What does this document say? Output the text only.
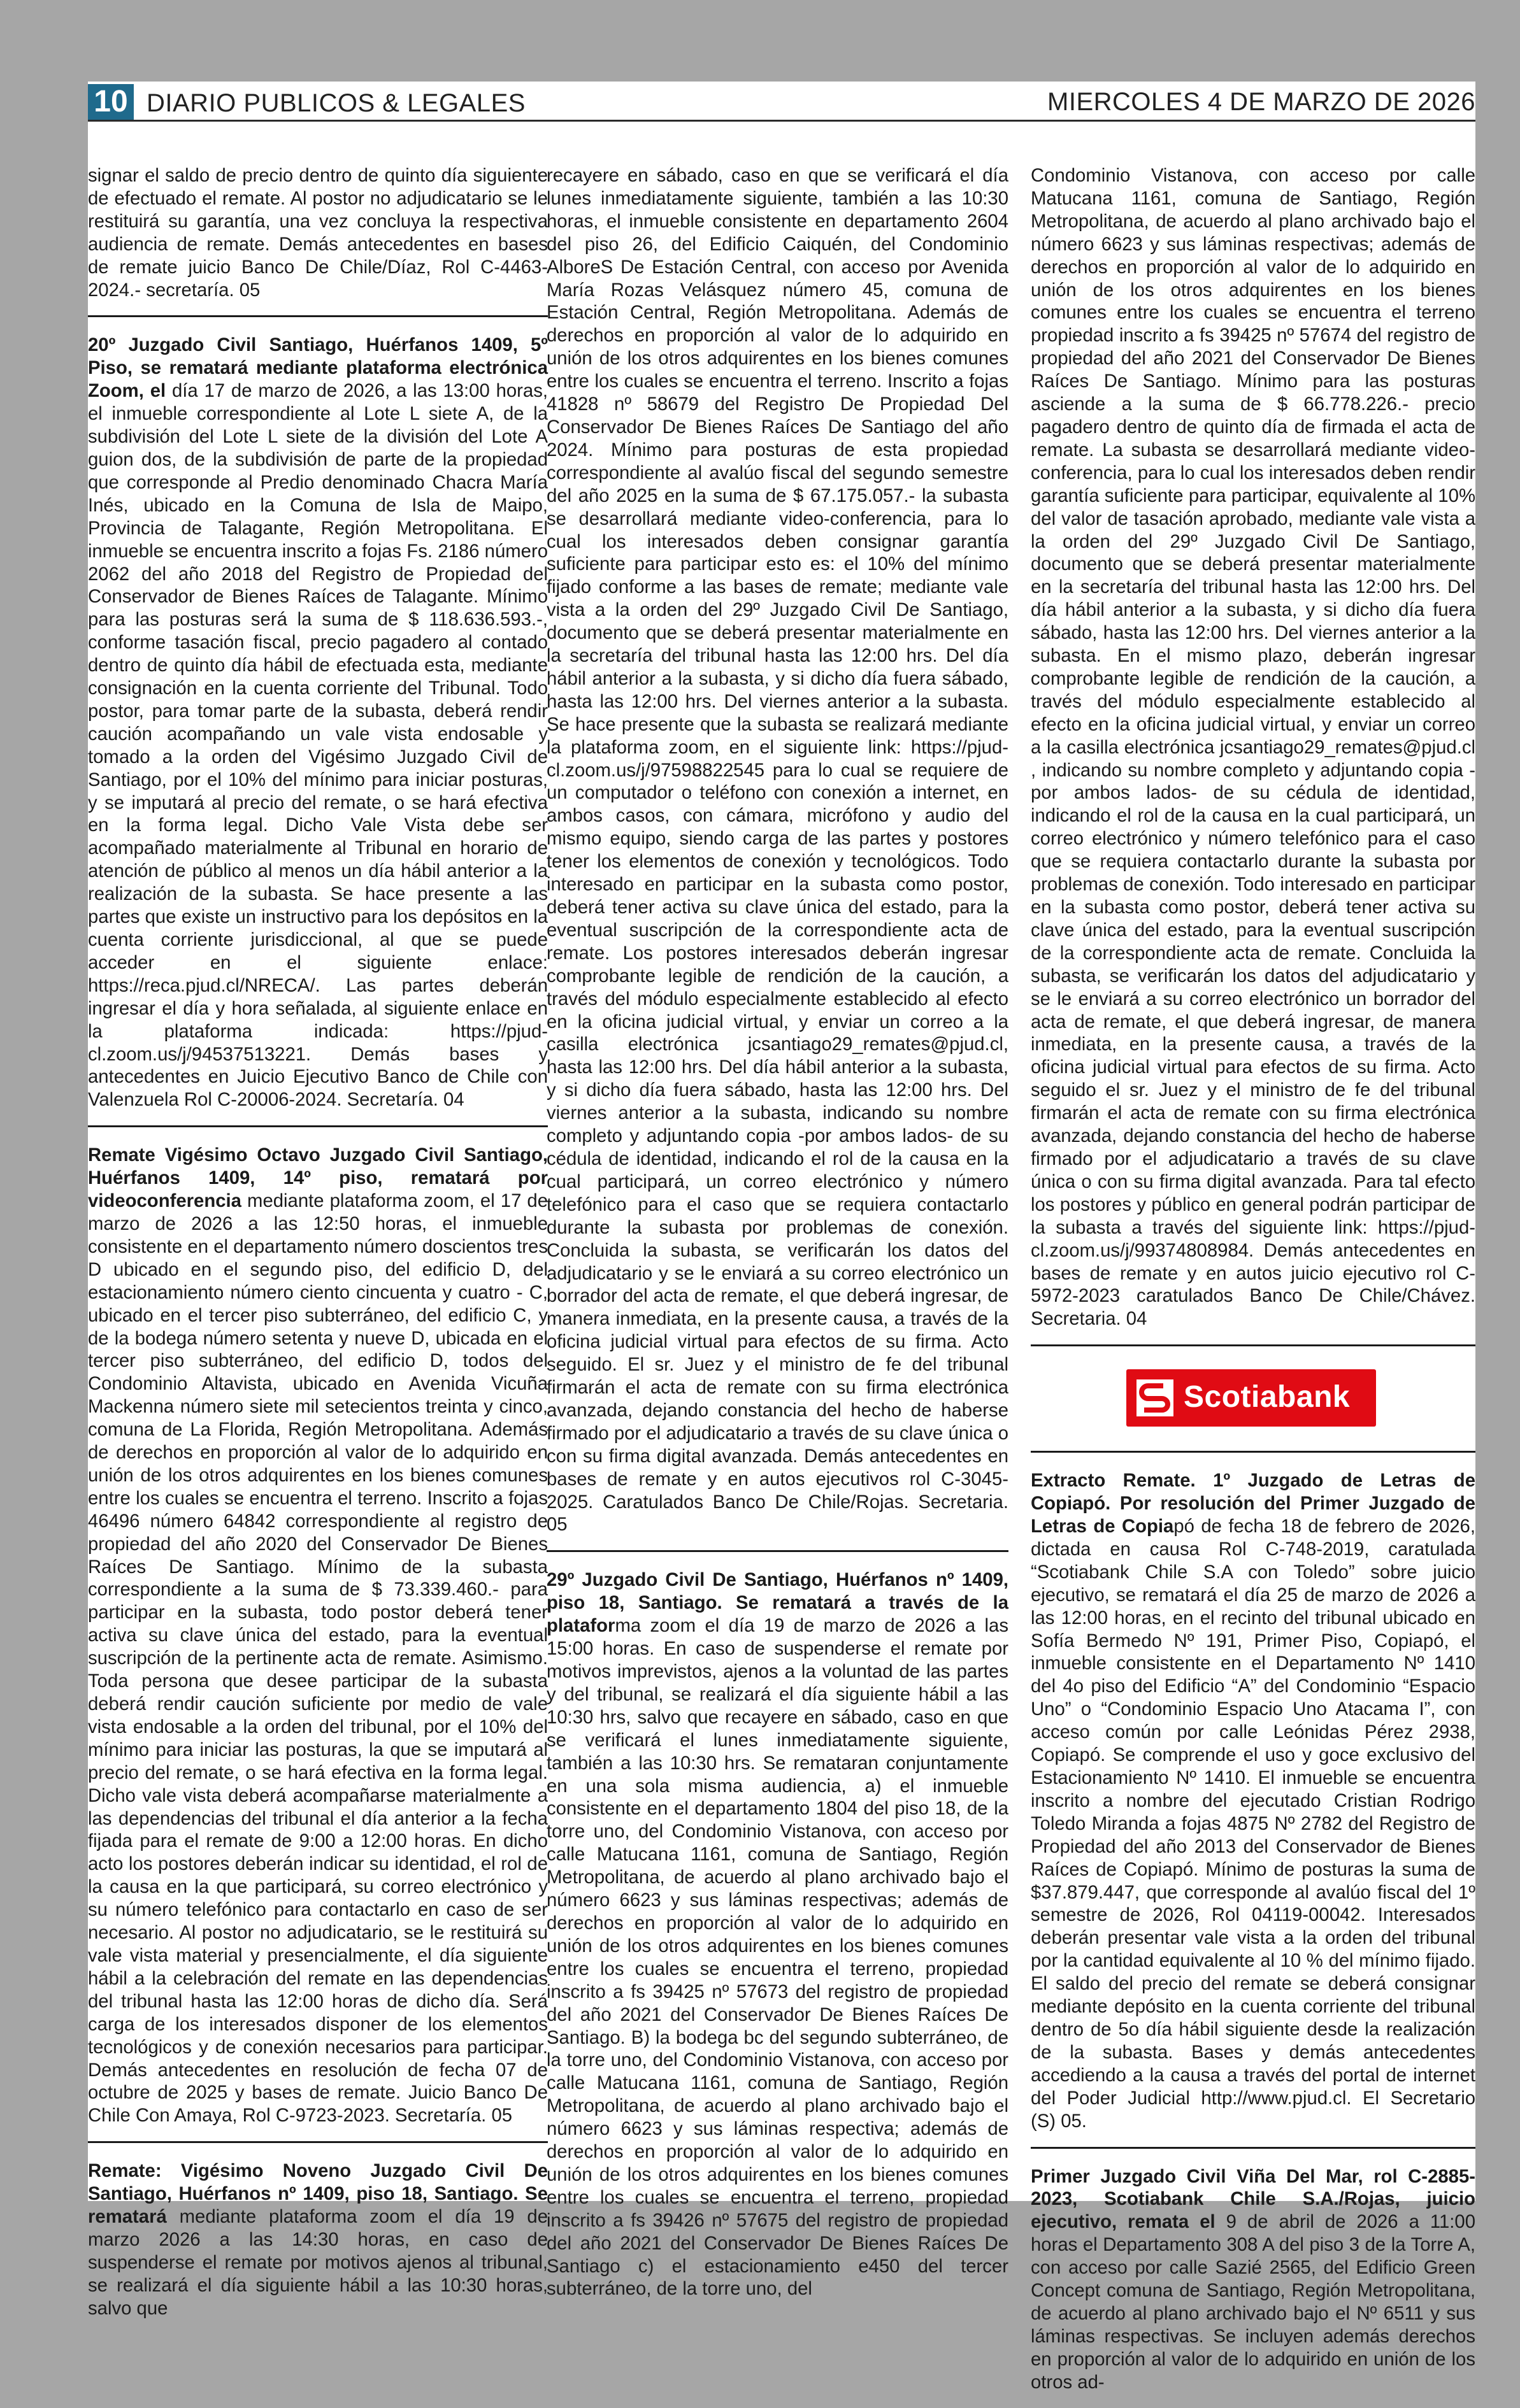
10 DIARIO PUBLICOS & LEGALES	MIERCOLES 4 DE MARZO DE 2026

signar el saldo de precio dentro de quinto día siguiente de efectuado el remate. Al postor no adjudicatario se le restituirá su garantía, una vez concluya la respectiva audiencia de remate. Demás antecedentes en bases de remate juicio Banco De Chile/Díaz, Rol C-4463-2024.- secretaría. 05

20º Juzgado Civil Santiago, Huérfanos 1409, 5º Piso, se rematará mediante plataforma electrónica Zoom, el día 17 de marzo de 2026, a las 13:00 horas, el inmueble correspondiente al Lote L siete A, de la subdivisión del Lote L siete de la división del Lote A guion dos, de la subdivisión de parte de la propiedad que corresponde al Predio denominado Chacra María Inés, ubicado en la Comuna de Isla de Maipo, Provincia de Talagante, Región Metropolitana. El inmueble se encuentra inscrito a fojas Fs. 2186 número 2062 del año 2018 del Registro de Propiedad del Conservador de Bienes Raíces de Talagante. Mínimo para las posturas será la suma de $ 118.636.593.-, conforme tasación fiscal, precio pagadero al contado dentro de quinto día hábil de efectuada esta, mediante consignación en la cuenta corriente del Tribunal. Todo postor, para tomar parte de la subasta, deberá rendir caución acompañando un vale vista endosable y tomado a la orden del Vigésimo Juzgado Civil de Santiago, por el 10% del mínimo para iniciar posturas, y se imputará al precio del remate, o se hará efectiva en la forma legal. Dicho Vale Vista debe ser acompañado materialmente al Tribunal en horario de atención de público al menos un día hábil anterior a la realización de la subasta. Se hace presente a las partes que existe un instructivo para los depósitos en la cuenta corriente jurisdiccional, al que se puede acceder en el siguiente enlace: https://reca.pjud.cl/NRECA/. Las partes deberán ingresar el día y hora señalada, al siguiente enlace en la plataforma indicada: https://pjud-cl.zoom.us/j/94537513221. Demás bases y antecedentes en Juicio Ejecutivo Banco de Chile con Valenzuela Rol C-20006-2024. Secretaría. 04

Remate Vigésimo Octavo Juzgado Civil Santiago, Huérfanos 1409, 14º piso, rematará por videoconferencia mediante plataforma zoom, el 17 de marzo de 2026 a las 12:50 horas, el inmueble consistente en el departamento número doscientos tres D ubicado en el segundo piso, del edificio D, del estacionamiento número ciento cincuenta y cuatro - C, ubicado en el tercer piso subterráneo, del edificio C, y de la bodega número setenta y nueve D, ubicada en el tercer piso subterráneo, del edificio D, todos del Condominio Altavista, ubicado en Avenida Vicuña Mackenna número siete mil setecientos treinta y cinco, comuna de La Florida, Región Metropolitana. Además de derechos en proporción al valor de lo adquirido en unión de los otros adquirentes en los bienes comunes entre los cuales se encuentra el terreno. Inscrito a fojas 46496 número 64842 correspondiente al registro de propiedad del año 2020 del Conservador De Bienes Raíces De Santiago. Mínimo de la subasta correspondiente a la suma de $ 73.339.460.- para participar en la subasta, todo postor deberá tener activa su clave única del estado, para la eventual suscripción de la pertinente acta de remate. Asimismo. Toda persona que desee participar de la subasta deberá rendir caución suficiente por medio de vale vista endosable a la orden del tribunal, por el 10% del mínimo para iniciar las posturas, la que se imputará al precio del remate, o se hará efectiva en la forma legal. Dicho vale vista deberá acompañarse materialmente a las dependencias del tribunal el día anterior a la fecha fijada para el remate de 9:00 a 12:00 horas. En dicho acto los postores deberán indicar su identidad, el rol de la causa en la que participará, su correo electrónico y su número telefónico para contactarlo en caso de ser necesario. Al postor no adjudicatario, se le restituirá su vale vista material y presencialmente, el día siguiente hábil a la celebración del remate en las dependencias del tribunal hasta las 12:00 horas de dicho día. Será carga de los interesados disponer de los elementos tecnológicos y de conexión necesarios para participar. Demás antecedentes en resolución de fecha 07 de octubre de 2025 y bases de remate. Juicio Banco De Chile Con Amaya, Rol C-9723-2023. Secretaría. 05

Remate: Vigésimo Noveno Juzgado Civil De Santiago, Huérfanos nº 1409, piso 18, Santiago. Se rematará mediante plataforma zoom el día 19 de marzo 2026 a las 14:30 horas, en caso de suspenderse el remate por motivos ajenos al tribunal, se realizará el día siguiente hábil a las 10:30 horas, salvo que

recayere en sábado, caso en que se verificará el día lunes inmediatamente siguiente, también a las 10:30 horas, el inmueble consistente en departamento 2604 del piso 26, del Edificio Caiquén, del Condominio AlboreS De Estación Central, con acceso por Avenida María Rozas Velásquez número 45, comuna de Estación Central, Región Metropolitana. Además de derechos en proporción al valor de lo adquirido en unión de los otros adquirentes en los bienes comunes entre los cuales se encuentra el terreno. Inscrito a fojas 41828 nº 58679 del Registro De Propiedad Del Conservador De Bienes Raíces De Santiago del año 2024. Mínimo para posturas de esta propiedad correspondiente al avalúo fiscal del segundo semestre del año 2025 en la suma de $ 67.175.057.- la subasta se desarrollará mediante video-conferencia, para lo cual los interesados deben consignar garantía suficiente para participar esto es: el 10% del mínimo fijado conforme a las bases de remate; mediante vale vista a la orden del 29º Juzgado Civil De Santiago, documento que se deberá presentar materialmente en la secretaría del tribunal hasta las 12:00 hrs. Del día hábil anterior a la subasta, y si dicho día fuera sábado, hasta las 12:00 hrs. Del viernes anterior a la subasta. Se hace presente que la subasta se realizará mediante la plataforma zoom, en el siguiente link: https://pjud-cl.zoom.us/j/97598822545 para lo cual se requiere de un computador o teléfono con conexión a internet, en ambos casos, con cámara, micrófono y audio del mismo equipo, siendo carga de las partes y postores tener los elementos de conexión y tecnológicos. Todo interesado en participar en la subasta como postor, deberá tener activa su clave única del estado, para la eventual suscripción de la correspondiente acta de remate. Los postores interesados deberán ingresar comprobante legible de rendición de la caución, a través del módulo especialmente establecido al efecto en la oficina judicial virtual, y enviar un correo a la casilla electrónica jcsantiago29_remates@pjud.cl, hasta las 12:00 hrs. Del día hábil anterior a la subasta, y si dicho día fuera sábado, hasta las 12:00 hrs. Del viernes anterior a la subasta, indicando su nombre completo y adjuntando copia -por ambos lados- de su cédula de identidad, indicando el rol de la causa en la cual participará, un correo electrónico y número telefónico para el caso que se requiera contactarlo durante la subasta por problemas de conexión. Concluida la subasta, se verificarán los datos del adjudicatario y se le enviará a su correo electrónico un borrador del acta de remate, el que deberá ingresar, de manera inmediata, en la presente causa, a través de la oficina judicial virtual para efectos de su firma. Acto seguido. El sr. Juez y el ministro de fe del tribunal firmarán el acta de remate con su firma electrónica avanzada, dejando constancia del hecho de haberse firmado por el adjudicatario a través de su clave única o con su firma digital avanzada. Demás antecedentes en bases de remate y en autos ejecutivos rol C-3045-2025. Caratulados Banco De Chile/Rojas. Secretaria. 05

29º Juzgado Civil De Santiago, Huérfanos nº 1409, piso 18, Santiago. Se rematará a través de la plataforma zoom el día 19 de marzo de 2026 a las 15:00 horas. En caso de suspenderse el remate por motivos imprevistos, ajenos a la voluntad de las partes y del tribunal, se realizará el día siguiente hábil a las 10:30 hrs, salvo que recayere en sábado, caso en que se verificará el lunes inmediatamente siguiente, también a las 10:30 hrs. Se remataran conjuntamente en una sola misma audiencia, a) el inmueble consistente en el departamento 1804 del piso 18, de la torre uno, del Condominio Vistanova, con acceso por calle Matucana 1161, comuna de Santiago, Región Metropolitana, de acuerdo al plano archivado bajo el número 6623 y sus láminas respectivas; además de derechos en proporción al valor de lo adquirido en unión de los otros adquirentes en los bienes comunes entre los cuales se encuentra el terreno, propiedad inscrito a fs 39425 nº 57673 del registro de propiedad del año 2021 del Conservador De Bienes Raíces De Santiago. B) la bodega bc del segundo subterráneo, de la torre uno, del Condominio Vistanova, con acceso por calle Matucana 1161, comuna de Santiago, Región Metropolitana, de acuerdo al plano archivado bajo el número 6623 y sus láminas respectiva; además de derechos en proporción al valor de lo adquirido en unión de los otros adquirentes en los bienes comunes entre los cuales se encuentra el terreno, propiedad inscrito a fs 39426 nº 57675 del registro de propiedad del año 2021 del Conservador De Bienes Raíces De Santiago c) el estacionamiento e450 del tercer subterráneo, de la torre uno, del

Condominio Vistanova, con acceso por calle Matucana 1161, comuna de Santiago, Región Metropolitana, de acuerdo al plano archivado bajo el número 6623 y sus láminas respectivas; además de derechos en proporción al valor de lo adquirido en unión de los otros adquirentes en los bienes comunes entre los cuales se encuentra el terreno propiedad inscrito a fs 39425 nº 57674 del registro de propiedad del año 2021 del Conservador De Bienes Raíces De Santiago. Mínimo para las posturas asciende a la suma de $ 66.778.226.- precio pagadero dentro de quinto día de firmada el acta de remate. La subasta se desarrollará mediante video-conferencia, para lo cual los interesados deben rendir garantía suficiente para participar, equivalente al 10% del valor de tasación aprobado, mediante vale vista a la orden del 29º Juzgado Civil De Santiago, documento que se deberá presentar materialmente en la secretaría del tribunal hasta las 12:00 hrs. Del día hábil anterior a la subasta, y si dicho día fuera sábado, hasta las 12:00 hrs. Del viernes anterior a la subasta. En el mismo plazo, deberán ingresar comprobante legible de rendición de la caución, a través del módulo especialmente establecido al efecto en la oficina judicial virtual, y enviar un correo a la casilla electrónica jcsantiago29_remates@pjud.cl , indicando su nombre completo y adjuntando copia -por ambos lados- de su cédula de identidad, indicando el rol de la causa en la cual participará, un correo electrónico y número telefónico para el caso que se requiera contactarlo durante la subasta por problemas de conexión. Todo interesado en participar en la subasta como postor, deberá tener activa su clave única del estado, para la eventual suscripción de la correspondiente acta de remate. Concluida la subasta, se verificarán los datos del adjudicatario y se le enviará a su correo electrónico un borrador del acta de remate, el que deberá ingresar, de manera inmediata, en la presente causa, a través de la oficina judicial virtual para efectos de su firma. Acto seguido el sr. Juez y el ministro de fe del tribunal firmarán el acta de remate con su firma electrónica avanzada, dejando constancia del hecho de haberse firmado por el adjudicatario a través de su clave única o con su firma digital avanzada. Para tal efecto los postores y público en general podrán participar de la subasta a través del siguiente link: https://pjud-cl.zoom.us/j/99374808984. Demás antecedentes en bases de remate y en autos juicio ejecutivo rol C-5972-2023 caratulados Banco De Chile/Chávez. Secretaria. 04

Scotiabank

Extracto Remate. 1º Juzgado de Letras de Copiapó. Por resolución del Primer Juzgado de Letras de Copiapó de fecha 18 de febrero de 2026, dictada en causa Rol C-748-2019, caratulada “Scotiabank Chile S.A con Toledo” sobre juicio ejecutivo, se rematará el día 25 de marzo de 2026 a las 12:00 horas, en el recinto del tribunal ubicado en Sofía Bermedo Nº 191, Primer Piso, Copiapó, el inmueble consistente en el Departamento Nº 1410 del 4o piso del Edificio “A” del Condominio “Espacio Uno” o “Condominio Espacio Uno Atacama I”, con acceso común por calle Leónidas Pérez 2938, Copiapó. Se comprende el uso y goce exclusivo del Estacionamiento Nº 1410. El inmueble se encuentra inscrito a nombre del ejecutado Cristian Rodrigo Toledo Miranda a fojas 4875 Nº 2782 del Registro de Propiedad del año 2013 del Conservador de Bienes Raíces de Copiapó. Mínimo de posturas la suma de $37.879.447, que corresponde al avalúo fiscal del 1º semestre de 2026, Rol 04119-00042. Interesados deberán presentar vale vista a la orden del tribunal por la cantidad equivalente al 10 % del mínimo fijado. El saldo del precio del remate se deberá consignar mediante depósito en la cuenta corriente del tribunal dentro de 5o día hábil siguiente desde la realización de la subasta. Bases y demás antecedentes accediendo a la causa a través del portal de internet del Poder Judicial http://www.pjud.cl. El Secretario (S) 05.

Primer Juzgado Civil Viña Del Mar, rol C-2885-2023, Scotiabank Chile S.A./Rojas, juicio ejecutivo, remata el 9 de abril de 2026 a 11:00 horas el Departamento 308 A del piso 3 de la Torre A, con acceso por calle Sazié 2565, del Edificio Green Concept comuna de Santiago, Región Metropolitana, de acuerdo al plano archivado bajo el Nº 6511 y sus láminas respectivas. Se incluyen además derechos en proporción al valor de lo adquirido en unión de los otros ad-
